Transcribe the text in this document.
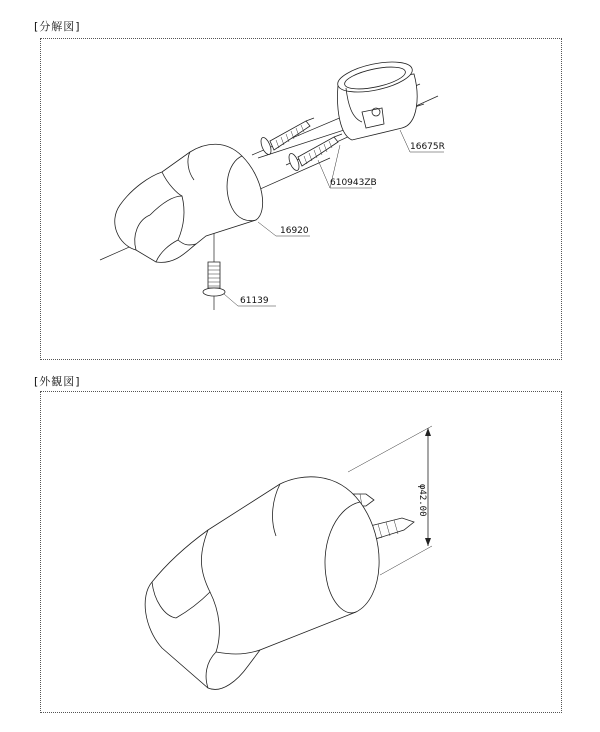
[分解図]
16675R
610943ZB
16920
61139
[外観図]
φ42.00
